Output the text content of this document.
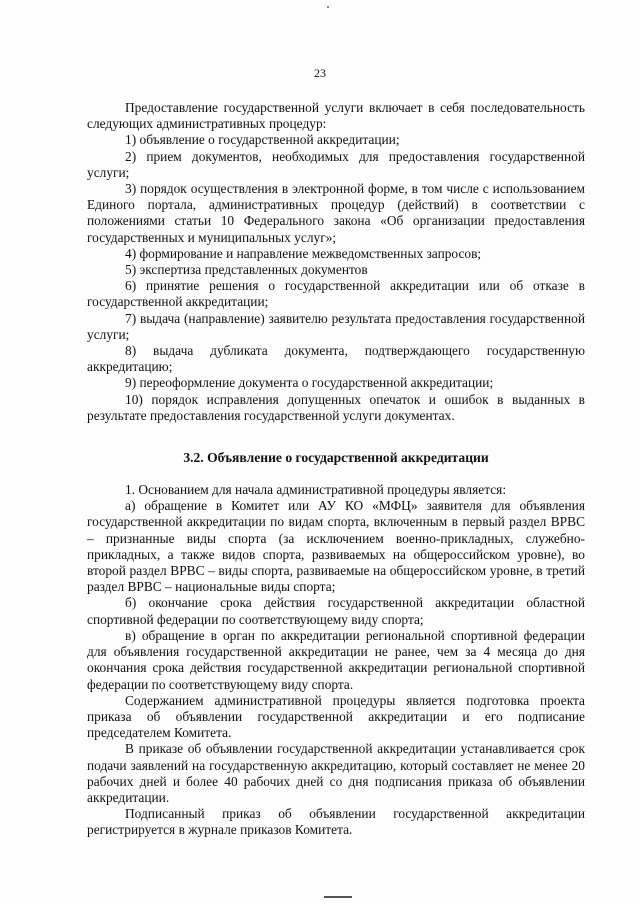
23

Предоставление государственной услуги включает в себя последовательность следующих административных процедур:

1) объявление о государственной аккредитации;

2) прием документов, необходимых для предоставления государственной услуги;

3) порядок осуществления в электронной форме, в том числе с использованием Единого портала, административных процедур (действий) в соответствии с положениями статьи 10 Федерального закона «Об организации предоставления государственных и муниципальных услуг»;

4) формирование и направление межведомственных запросов;

5) экспертиза представленных документов

6) принятие решения о государственной аккредитации или об отказе в государственной аккредитации;

7) выдача (направление) заявителю результата предоставления государственной услуги;

8) выдача дубликата документа, подтверждающего государственную аккредитацию;

9) переоформление документа о государственной аккредитации;

10) порядок исправления допущенных опечаток и ошибок в выданных в результате предоставления государственной услуги документах.

3.2. Объявление о государственной аккредитации

1. Основанием для начала административной процедуры является:

а) обращение в Комитет или АУ КО «МФЦ» заявителя для объявления государственной аккредитации по видам спорта, включенным в первый раздел ВРВС – признанные виды спорта (за исключением военно-прикладных, служебно-прикладных, а также видов спорта, развиваемых на общероссийском уровне), во второй раздел ВРВС – виды спорта, развиваемые на общероссийском уровне, в третий раздел ВРВС – национальные виды спорта;

б) окончание срока действия государственной аккредитации областной спортивной федерации по соответствующему виду спорта;

в) обращение в орган по аккредитации региональной спортивной федерации для объявления государственной аккредитации не ранее, чем за 4 месяца до дня окончания срока действия государственной аккредитации региональной спортивной федерации по соответствующему виду спорта.

Содержанием административной процедуры является подготовка проекта приказа об объявлении государственной аккредитации и его подписание председателем Комитета.

В приказе об объявлении государственной аккредитации устанавливается срок подачи заявлений на государственную аккредитацию, который составляет не менее 20 рабочих дней и более 40 рабочих дней со дня подписания приказа об объявлении аккредитации.

Подписанный приказ об объявлении государственной аккредитации регистрируется в журнале приказов Комитета.
